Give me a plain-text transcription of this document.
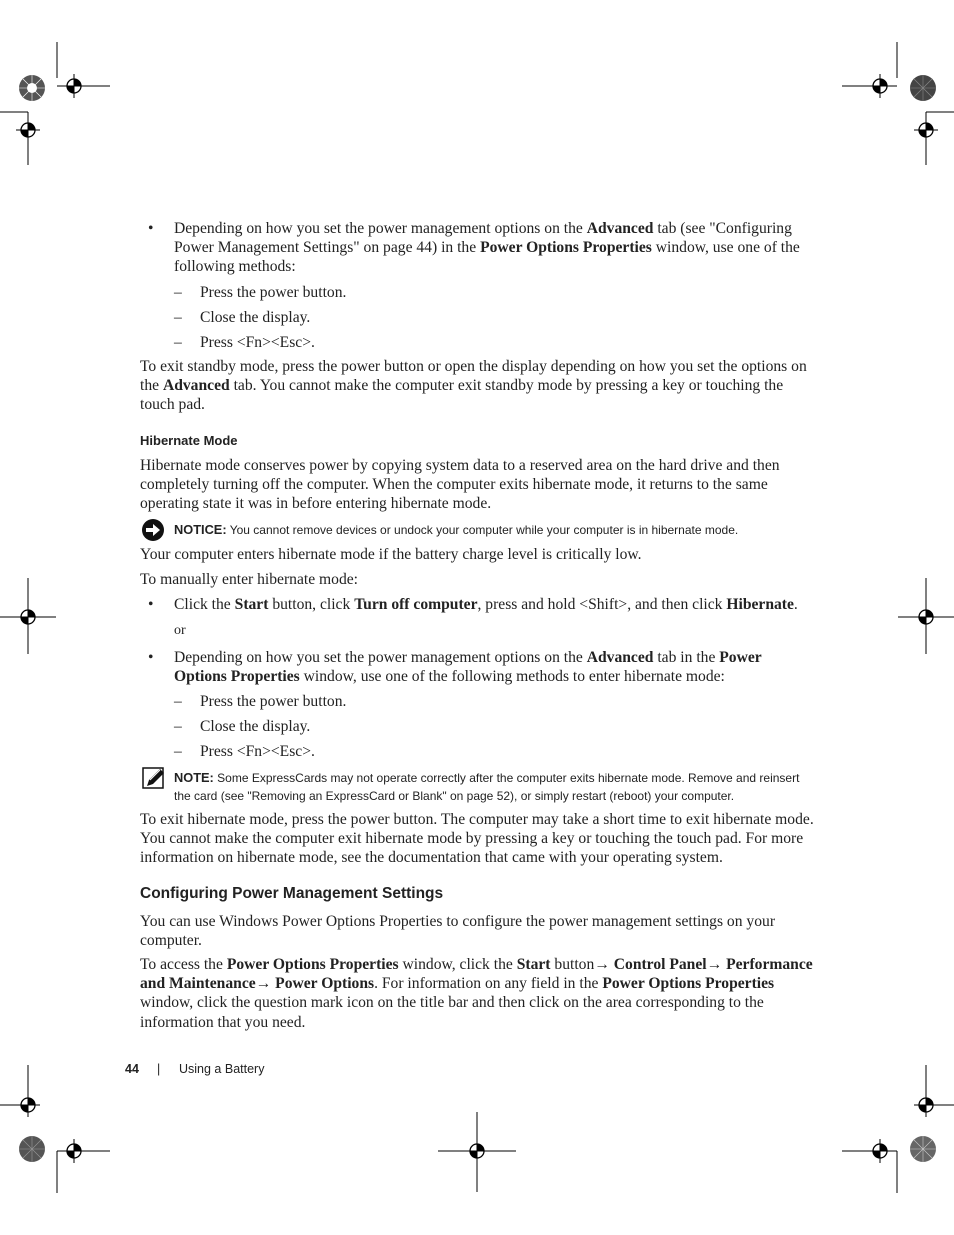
• Depending on how you set the power management options on the Advanced tab (see "Configuring Power Management Settings" on page 44) in the Power Options Properties window, use one of the following methods:
– Press the power button.
– Close the display.
– Press <Fn><Esc>.
To exit standby mode, press the power button or open the display depending on how you set the options on the Advanced tab. You cannot make the computer exit standby mode by pressing a key or touching the touch pad.
Hibernate Mode
Hibernate mode conserves power by copying system data to a reserved area on the hard drive and then completely turning off the computer. When the computer exits hibernate mode, it returns to the same operating state it was in before entering hibernate mode.
NOTICE: You cannot remove devices or undock your computer while your computer is in hibernate mode.
Your computer enters hibernate mode if the battery charge level is critically low.
To manually enter hibernate mode:
• Click the Start button, click Turn off computer, press and hold <Shift>, and then click Hibernate.
or
• Depending on how you set the power management options on the Advanced tab in the Power Options Properties window, use one of the following methods to enter hibernate mode:
– Press the power button.
– Close the display.
– Press <Fn><Esc>.
NOTE: Some ExpressCards may not operate correctly after the computer exits hibernate mode. Remove and reinsert the card (see "Removing an ExpressCard or Blank" on page 52), or simply restart (reboot) your computer.
To exit hibernate mode, press the power button. The computer may take a short time to exit hibernate mode. You cannot make the computer exit hibernate mode by pressing a key or touching the touch pad. For more information on hibernate mode, see the documentation that came with your operating system.
Configuring Power Management Settings
You can use Windows Power Options Properties to configure the power management settings on your computer.
To access the Power Options Properties window, click the Start button→ Control Panel→ Performance and Maintenance→ Power Options. For information on any field in the Power Options Properties window, click the question mark icon on the title bar and then click on the area corresponding to the information that you need.
44 | Using a Battery
